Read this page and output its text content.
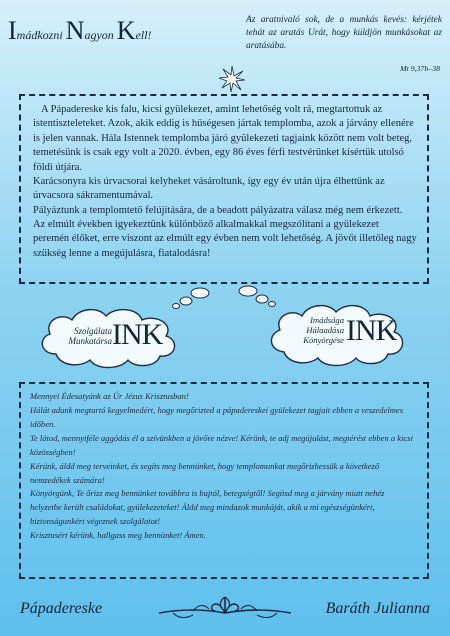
Imádkozni Nagyon Kell!
Az aratnivaló sok, de a munkás kevés: kérjétek tehát az aratás Urát, hogy küldjön munkásokat az aratásába.
Mt 9,37b–38

A Pápadereske kis falu, kicsi gyülekezet, amint lehetőség volt rá, megtartottuk az istentiszteleteket. Azok, akik eddig is hűségesen jártak templomba, azok a járvány ellenére is jelen vannak. Hála Istennek templomba járó gyülekezeti tagjaink között nem volt beteg, temetésünk is csak egy volt a 2020. évben, egy 86 éves férfi testvérünket kísértük utolsó földi útjára.

Karácsonyra kis úrvacsorai kelyheket vásároltunk, így egy év után újra élhettünk az úrvacsora sákramentumával.

Pályáztunk a templomtető felújítására, de a beadott pályázatra válasz még nem érkezett.

Az elmúlt években igyekeztünk különböző alkalmakkal megszólítani a gyülekezet peremén élőket, erre viszont az elmúlt egy évben nem volt lehetőség. A jövőt illetőleg nagy szükség lenne a megújulásra, fiatalodásra!

Szolgálata
Munkatársa INK	Imádsága
Hálaadása
Könyörgése INK

Mennyei Édesatyánk az Úr Jézus Krisztusban!

Hálát adunk megtartó kegyelmedért, hogy megőrizted a pápadereskei gyülekezet tagjait ebben a veszedelmes időben.

Te látod, mennyiféle aggódás él a szívünkben a jövőre nézve! Kérünk, te adj megújulást, megtérést ebben a kicsi közösségben!

Kérünk, áldd meg terveinket, és segíts meg bennünket, hogy templomunkat megőrizhessük a következő nemzedékek számára!

Könyörgünk, Te őrizz meg bennünket továbbra is bajtól, betegségtől! Segítsd meg a járvány miatt nehéz helyzetbe került családokat, gyülekezeteket! Áldd meg mindazok munkáját, akik a mi egészségünkért, biztonságunkért végeznek szolgálatot!

Krisztusért kérünk, hallgass meg bennünket! Ámen.

Pápadereske	Baráth Julianna
